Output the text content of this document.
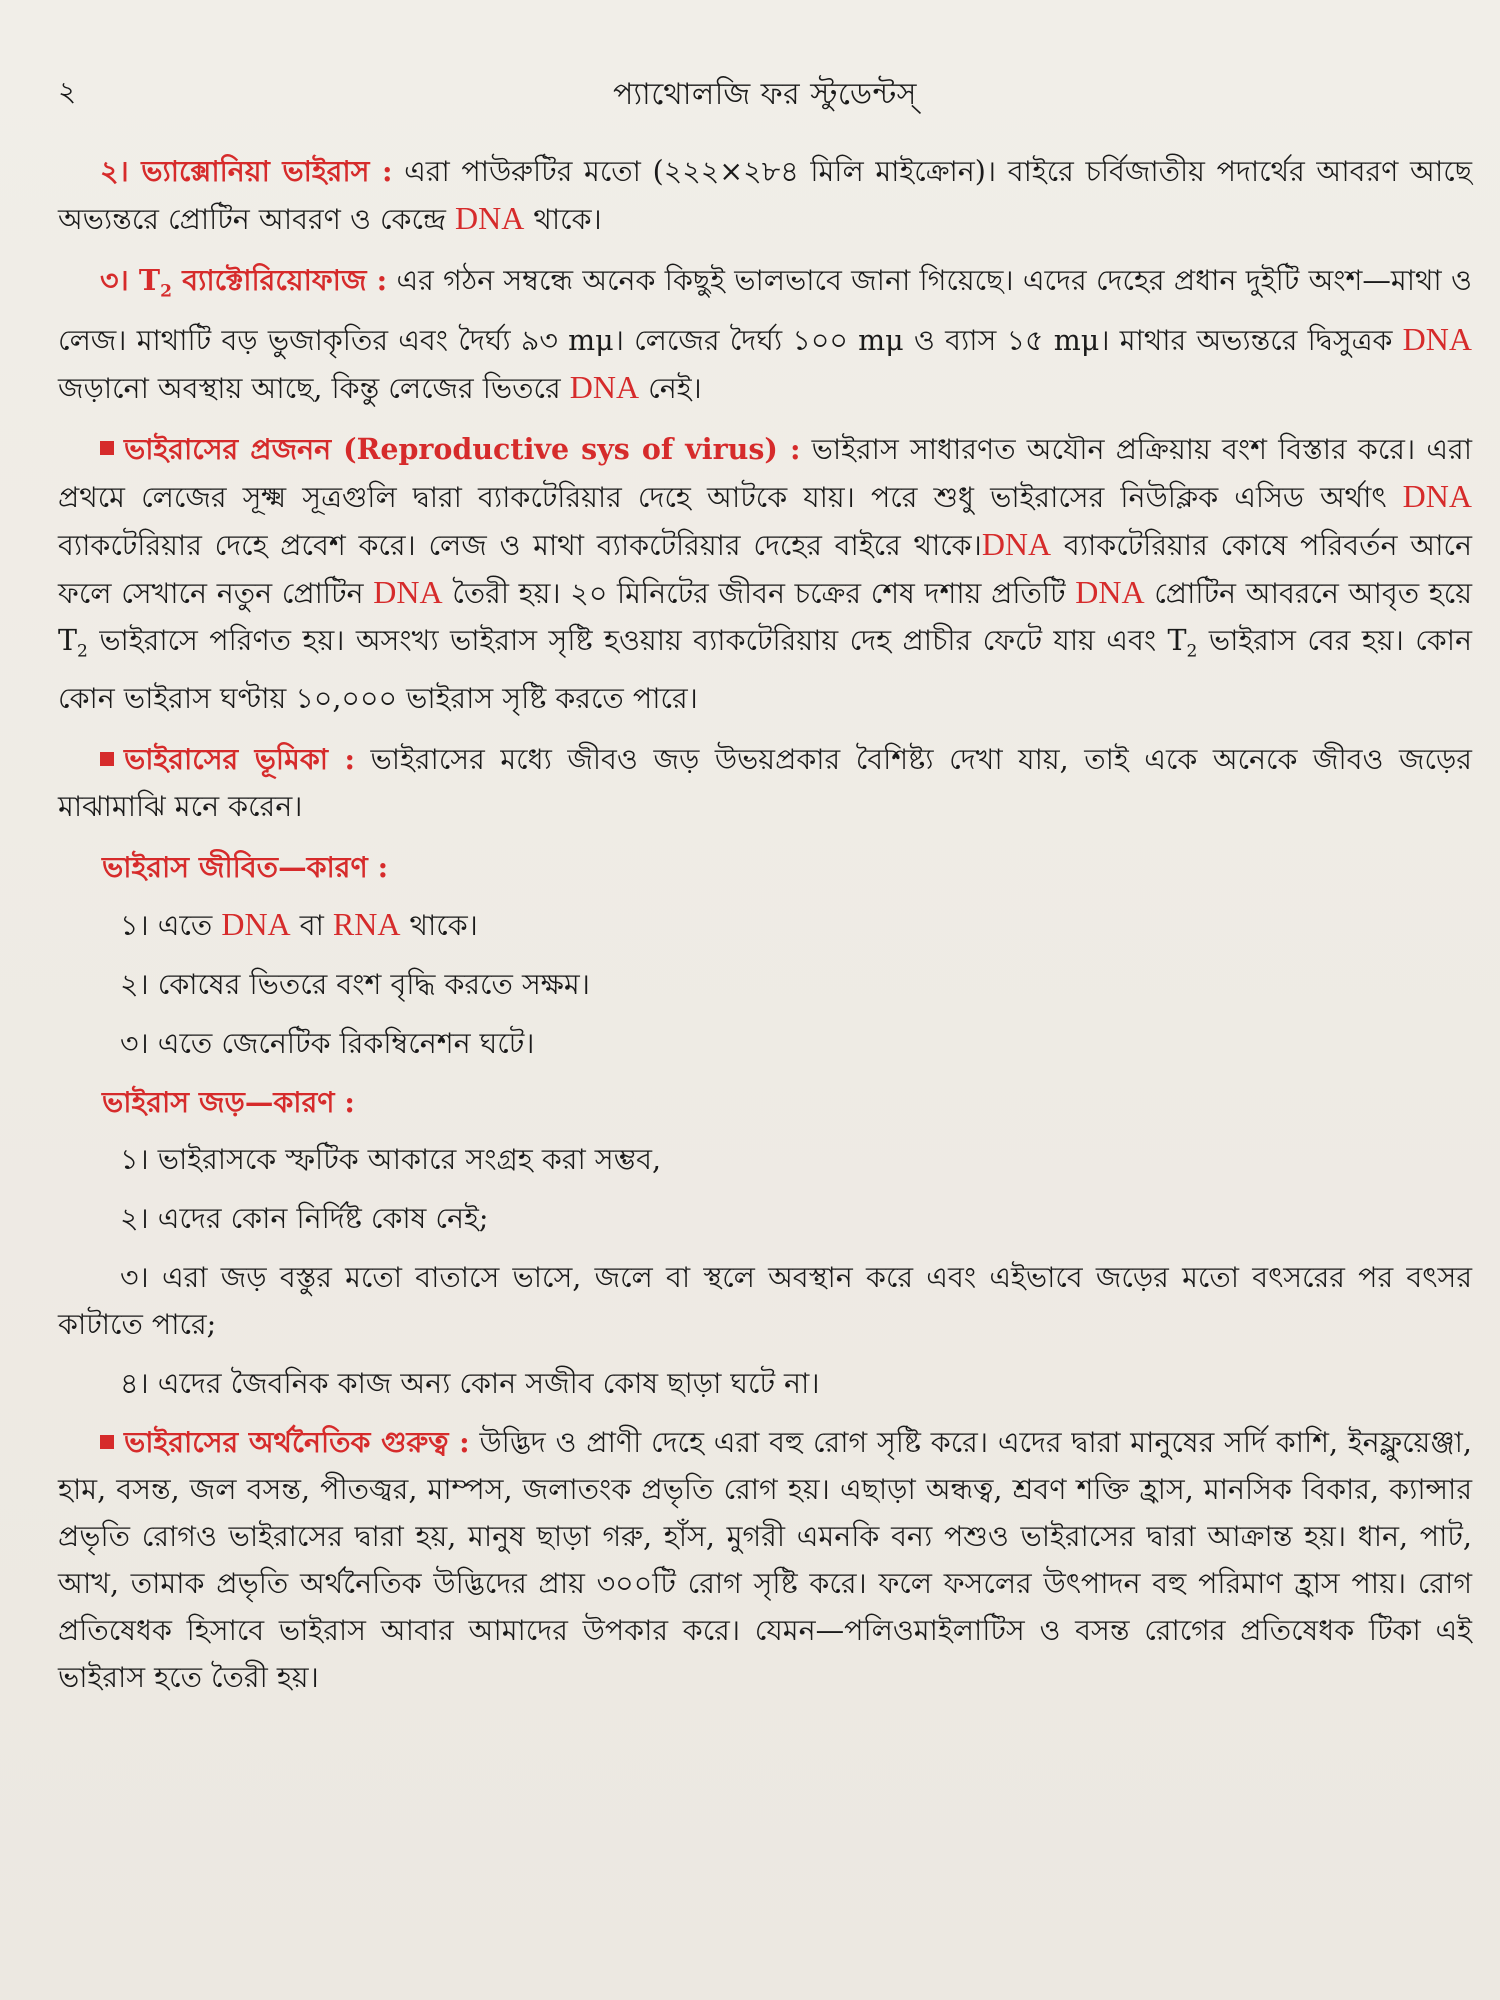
২	প্যাথোলজি ফর স্টুডেন্টস্

২। ভ্যাক্সোনিয়া ভাইরাস : এরা পাউরুটির মতো (২২২×২৮৪ মিলি মাইক্রোন)। বাইরে চর্বিজাতীয় পদার্থের আবরণ আছে অভ্যন্তরে প্রোটিন আবরণ ও কেন্দ্রে DNA থাকে।

৩। $T_2$ ব্যাক্টোরিয়োফাজ : এর গঠন সম্বন্ধে অনেক কিছুই ভালভাবে জানা গিয়েছে। এদের দেহের প্রধান দুইটি অংশ—মাথা ও লেজ। মাথাটি বড় ভুজাকৃতির এবং দৈর্ঘ্য ৯৩ mμ। লেজের দৈর্ঘ্য ১০০ mμ ও ব্যাস ১৫ mμ। মাথার অভ্যন্তরে দ্বিসুত্রক DNA জড়ানো অবস্থায় আছে, কিন্তু লেজের ভিতরে DNA নেই।

ভাইরাসের প্রজনন (Reproductive sys of virus) : ভাইরাস সাধারণত অযৌন প্রক্রিয়ায় বংশ বিস্তার করে। এরা প্রথমে লেজের সূক্ষ্ম সূত্রগুলি দ্বারা ব্যাকটেরিয়ার দেহে আটকে যায়। পরে শুধু ভাইরাসের নিউক্লিক এসিড অর্থাৎ DNA ব্যাকটেরিয়ার দেহে প্রবেশ করে। লেজ ও মাথা ব্যাকটেরিয়ার দেহের বাইরে থাকে।DNA ব্যাকটেরিয়ার কোষে পরিবর্তন আনে ফলে সেখানে নতুন প্রোটিন DNA তৈরী হয়। ২০ মিনিটের জীবন চক্রের শেষ দশায় প্রতিটি DNA প্রোটিন আবরনে আবৃত হয়ে $T_2$ ভাইরাসে পরিণত হয়। অসংখ্য ভাইরাস সৃষ্টি হওয়ায় ব্যাকটেরিয়ায় দেহ প্রাচীর ফেটে যায় এবং $T_2$ ভাইরাস বের হয়। কোন কোন ভাইরাস ঘণ্টায় ১০,০০০ ভাইরাস সৃষ্টি করতে পারে।

ভাইরাসের ভূমিকা : ভাইরাসের মধ্যে জীবও জড় উভয়প্রকার বৈশিষ্ট্য দেখা যায়, তাই একে অনেকে জীবও জড়ের মাঝামাঝি মনে করেন।

ভাইরাস জীবিত—কারণ :

১। এতে DNA বা RNA থাকে।

২। কোষের ভিতরে বংশ বৃদ্ধি করতে সক্ষম।

৩। এতে জেনেটিক রিকম্বিনেশন ঘটে।

ভাইরাস জড়—কারণ :

১। ভাইরাসকে স্ফটিক আকারে সংগ্রহ করা সম্ভব,

২। এদের কোন নির্দিষ্ট কোষ নেই;

৩। এরা জড় বস্তুর মতো বাতাসে ভাসে, জলে বা স্থলে অবস্থান করে এবং এইভাবে জড়ের মতো বৎসরের পর বৎসর কাটাতে পারে;

৪। এদের জৈবনিক কাজ অন্য কোন সজীব কোষ ছাড়া ঘটে না।

ভাইরাসের অর্থনৈতিক গুরুত্ব : উদ্ভিদ ও প্রাণী দেহে এরা বহু রোগ সৃষ্টি করে। এদের দ্বারা মানুষের সর্দি কাশি, ইনফ্লুয়েঞ্জা, হাম, বসন্ত, জল বসন্ত, পীতজ্বর, মাম্পস, জলাতংক প্রভৃতি রোগ হয়। এছাড়া অন্ধত্ব, শ্রবণ শক্তি হ্রাস, মানসিক বিকার, ক্যান্সার প্রভৃতি রোগও ভাইরাসের দ্বারা হয়, মানুষ ছাড়া গরু, হাঁস, মুগরী এমনকি বন্য পশুও ভাইরাসের দ্বারা আক্রান্ত হয়। ধান, পাট, আখ, তামাক প্রভৃতি অর্থনৈতিক উদ্ভিদের প্রায় ৩০০টি রোগ সৃষ্টি করে। ফলে ফসলের উৎপাদন বহু পরিমাণ হ্রাস পায়। রোগ প্রতিষেধক হিসাবে ভাইরাস আবার আমাদের উপকার করে। যেমন—পলিওমাইলাটিস ও বসন্ত রোগের প্রতিষেধক টিকা এই ভাইরাস হতে তৈরী হয়।
